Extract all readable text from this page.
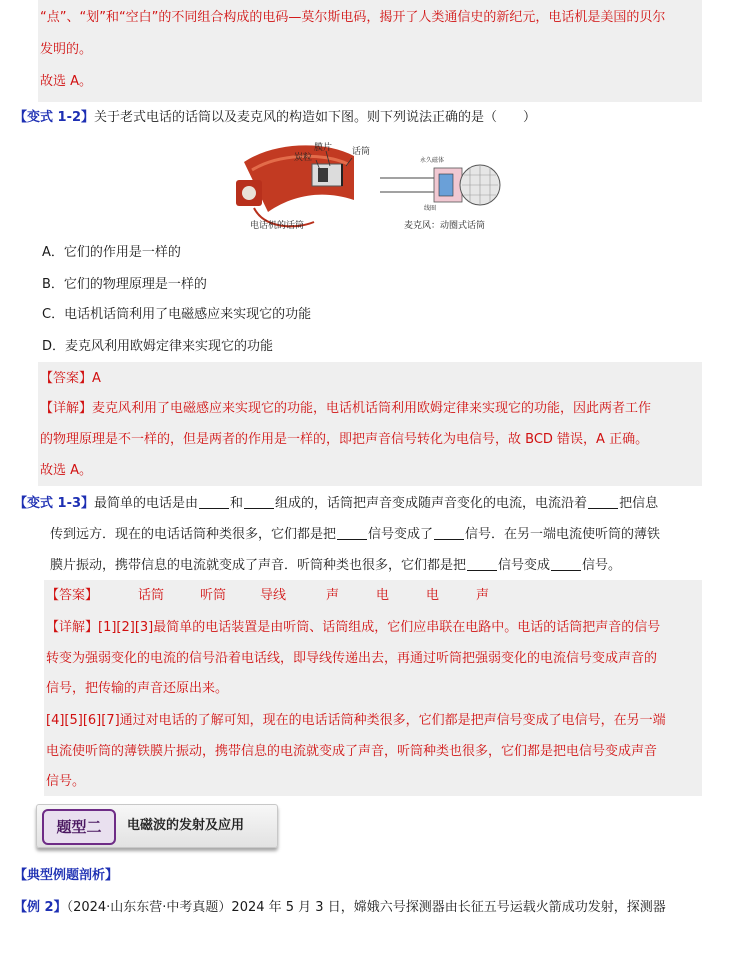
“点”、“划”和“空白”的不同组合构成的电码—莫尔斯电码，揭开了人类通信史的新纪元，电话机是美国的贝尔
发明的。
故选 A。
【变式 1-2】关于老式电话的话筒以及麦克风的构造如下图。则下列说法正确的是（　　）
膜片
炭粒
话筒
电话机的话筒
永久磁体
线圈
麦克风：动圈式话筒
A．它们的作用是一样的
B．它们的物理原理是一样的
C．电话机话筒利用了电磁感应来实现它的功能
D．麦克风利用欧姆定律来实现它的功能
【答案】A
【详解】麦克风利用了电磁感应来实现它的功能，电话机话筒利用欧姆定律来实现它的功能，因此两者工作
的物理原理是不一样的，但是两者的作用是一样的，即把声音信号转化为电信号，故 BCD 错误，A 正确。
故选 A。
【变式 1-3】最简单的电话是由 和 组成的，话筒把声音变成随声音变化的电流，电流沿着 把信息
传到远方．现在的电话话筒种类很多，它们都是把 信号变成了 信号．在另一端电流使听筒的薄铁
膜片振动，携带信息的电流就变成了声音．听筒种类也很多，它们都是把 信号变成 信号。
【答案】	话筒	听筒	导线	声	电	电	声
【详解】[1][2][3]最简单的电话装置是由听筒、话筒组成，它们应串联在电路中。电话的话筒把声音的信号
转变为强弱变化的电流的信号沿着电话线，即导线传递出去，再通过听筒把强弱变化的电流信号变成声音的
信号，把传输的声音还原出来。
[4][5][6][7]通过对电话的了解可知，现在的电话话筒种类很多，它们都是把声信号变成了电信号，在另一端
电流使听筒的薄铁膜片振动，携带信息的电流就变成了声音，听筒种类也很多，它们都是把电信号变成声音
信号。
题型二	电磁波的发射及应用
【典型例题剖析】
【例 2】（2024·山东东营·中考真题）2024 年 5 月 3 日，嫦娥六号探测器由长征五号运载火箭成功发射，探测器
